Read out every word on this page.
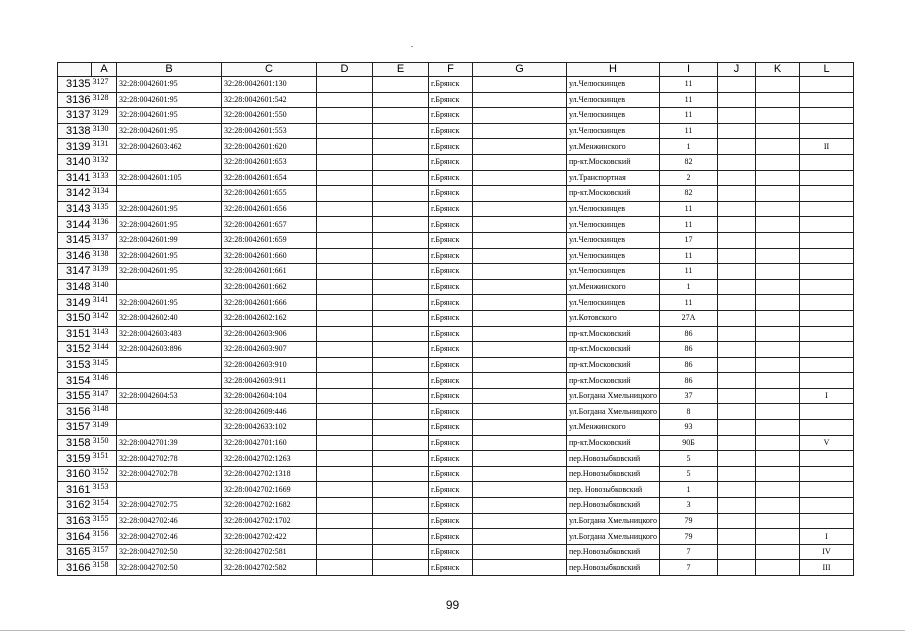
	A	B	C	D	E	F	G	H	I	J	K	L
3135	3127	32:28:0042601:95	32:28:0042601:130			г.Брянск		ул.Челюскинцев	11			
3136	3128	32:28:0042601:95	32:28:0042601:542			г.Брянск		ул.Челюскинцев	11			
3137	3129	32:28:0042601:95	32:28:0042601:550			г.Брянск		ул.Челюскинцев	11			
3138	3130	32:28:0042601:95	32:28:0042601:553			г.Брянск		ул.Челюскинцев	11			
3139	3131	32:28:0042603:462	32:28:0042601:620			г.Брянск		ул.Менжинского	1			II
3140	3132		32:28:0042601:653			г.Брянск		пр-кт.Московский	82			
3141	3133	32:28:0042601:105	32:28:0042601:654			г.Брянск		ул.Транспортная	2			
3142	3134		32:28:0042601:655			г.Брянск		пр-кт.Московский	82			
3143	3135	32:28:0042601:95	32:28:0042601:656			г.Брянск		ул.Челюскинцев	11			
3144	3136	32:28:0042601:95	32:28:0042601:657			г.Брянск		ул.Челюскинцев	11			
3145	3137	32:28:0042601:99	32:28:0042601:659			г.Брянск		ул.Челюскинцев	17			
3146	3138	32:28:0042601:95	32:28:0042601:660			г.Брянск		ул.Челюскинцев	11			
3147	3139	32:28:0042601:95	32:28:0042601:661			г.Брянск		ул.Челюскинцев	11			
3148	3140		32:28:0042601:662			г.Брянск		ул.Менжинского	1			
3149	3141	32:28:0042601:95	32:28:0042601:666			г.Брянск		ул.Челюскинцев	11			
3150	3142	32:28:0042602:40	32:28:0042602:162			г.Брянск		ул.Котовского	27А			
3151	3143	32:28:0042603:483	32:28:0042603:906			г.Брянск		пр-кт.Московский	86			
3152	3144	32:28:0042603:896	32:28:0042603:907			г.Брянск		пр-кт.Московский	86			
3153	3145		32:28:0042603:910			г.Брянск		пр-кт.Московский	86			
3154	3146		32:28:0042603:911			г.Брянск		пр-кт.Московский	86			
3155	3147	32:28:0042604:53	32:28:0042604:104			г.Брянск		ул.Богдана Хмельницкого	37			I
3156	3148		32:28:0042609:446			г.Брянск		ул.Богдана Хмельницкого	8			
3157	3149		32:28:0042633:102			г.Брянск		ул.Менжинского	93			
3158	3150	32:28:0042701:39	32:28:0042701:160			г.Брянск		пр-кт.Московский	90Б			V
3159	3151	32:28:0042702:78	32:28:0042702:1263			г.Брянск		пер.Новозыбковский	5			
3160	3152	32:28:0042702:78	32:28:0042702:1318			г.Брянск		пер.Новозыбковский	5			
3161	3153		32:28:0042702:1669			г.Брянск		пер. Новозыбковский	1			
3162	3154	32:28:0042702:75	32:28:0042702:1682			г.Брянск		пер.Новозыбковский	3			
3163	3155	32:28:0042702:46	32:28:0042702:1702			г.Брянск		ул.Богдана Хмельницкого	79			
3164	3156	32:28:0042702:46	32:28:0042702:422			г.Брянск		ул.Богдана Хмельницкого	79			I
3165	3157	32:28:0042702:50	32:28:0042702:581			г.Брянск		пер.Новозыбковский	7			IV
3166	3158	32:28:0042702:50	32:28:0042702:582			г.Брянск		пер.Новозыбковский	7			III
99
